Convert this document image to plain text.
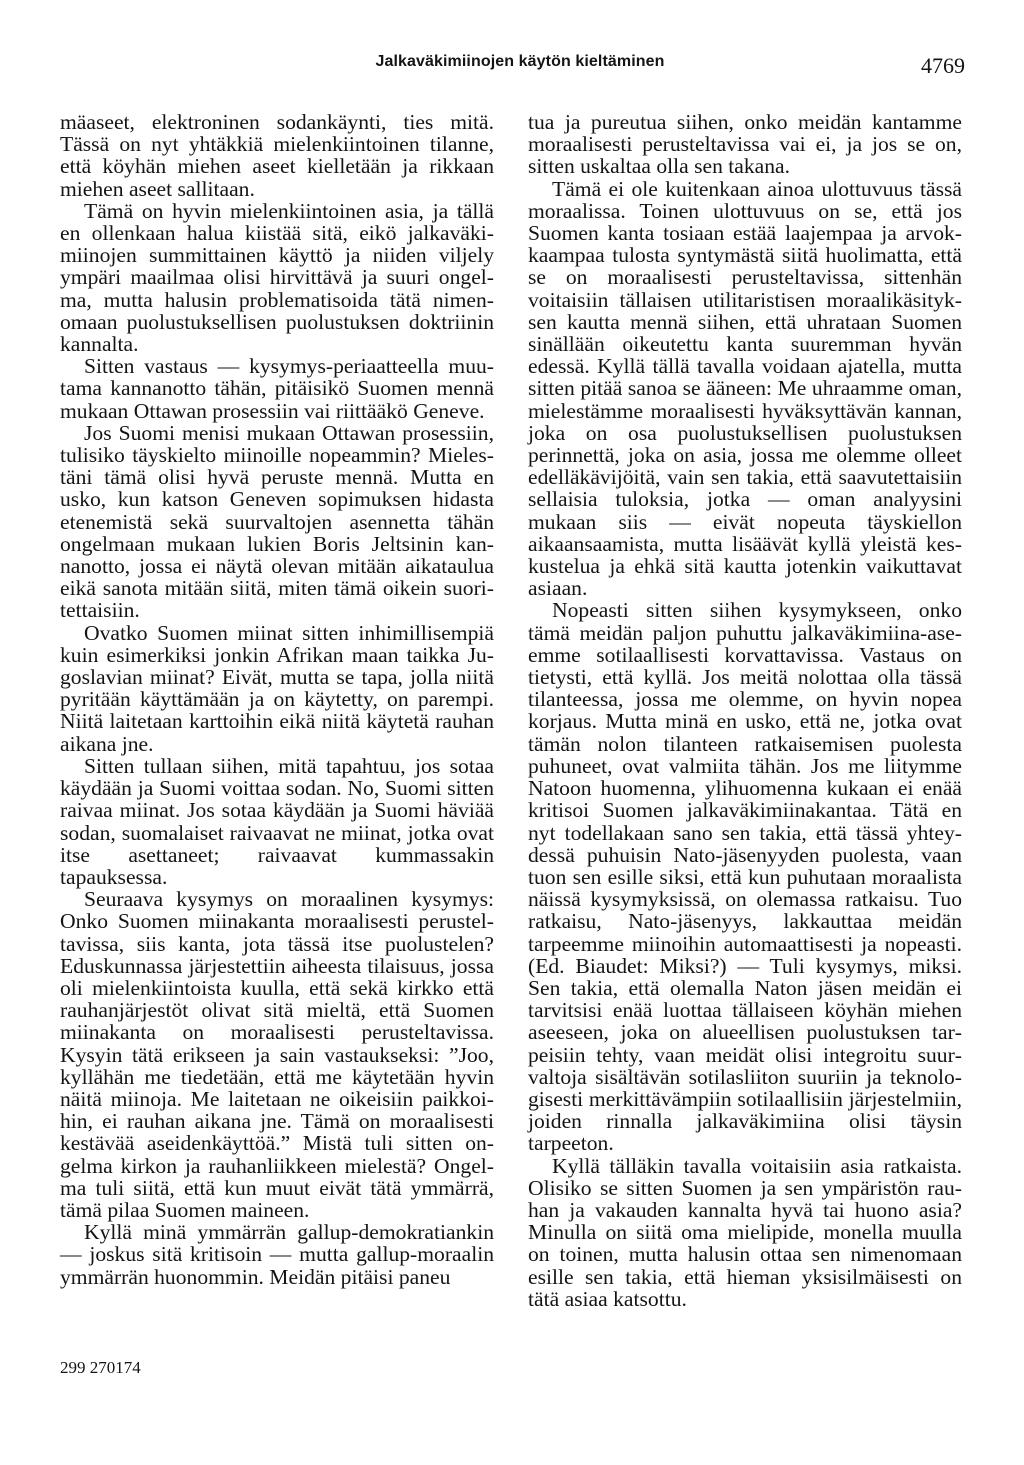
Jalkaväkimiinojen käytön kieltäminen	4769

mäaseet, elektroninen sodankäynti, ties mitä. Tässä on nyt yhtäkkiä mielenkiintoinen tilanne, että köyhän miehen aseet kielletään ja rikkaan miehen aseet sallitaan.

Tämä on hyvin mielenkiintoinen asia, ja tällä en ollenkaan halua kiistää sitä, eikö jalkaväkimiinojen summittainen käyttö ja niiden viljely ympäri maailmaa olisi hirvittävä ja suuri ongelma, mutta halusin problematisoida tätä nimenomaan puolustuksellisen puolustuksen doktriinin kannalta.

Sitten vastaus — kysymys-periaatteella muutama kannanotto tähän, pitäisikö Suomen mennä mukaan Ottawan prosessiin vai riittääkö Geneve.

Jos Suomi menisi mukaan Ottawan prosessiin, tulisiko täyskielto miinoille nopeammin? Mielestäni tämä olisi hyvä peruste mennä. Mutta en usko, kun katson Geneven sopimuksen hidasta etenemistä sekä suurvaltojen asennetta tähän ongelmaan mukaan lukien Boris Jeltsinin kannanotto, jossa ei näytä olevan mitään aikataulua eikä sanota mitään siitä, miten tämä oikein suoritettaisiin.

Ovatko Suomen miinat sitten inhimillisempiä kuin esimerkiksi jonkin Afrikan maan taikka Jugoslavian miinat? Eivät, mutta se tapa, jolla niitä pyritään käyttämään ja on käytetty, on parempi. Niitä laitetaan karttoihin eikä niitä käytetä rauhan aikana jne.

Sitten tullaan siihen, mitä tapahtuu, jos sotaa käydään ja Suomi voittaa sodan. No, Suomi sitten raivaa miinat. Jos sotaa käydään ja Suomi häviää sodan, suomalaiset raivaavat ne miinat, jotka ovat itse asettaneet; raivaavat kummassakin tapauksessa.

Seuraava kysymys on moraalinen kysymys: Onko Suomen miinakanta moraalisesti perusteltavissa, siis kanta, jota tässä itse puolustelen? Eduskunnassa järjestettiin aiheesta tilaisuus, jossa oli mielenkiintoista kuulla, että sekä kirkko että rauhanjärjestöt olivat sitä mieltä, että Suomen miinakanta on moraalisesti perusteltavissa. Kysyin tätä erikseen ja sain vastaukseksi: ”Joo, kyllähän me tiedetään, että me käytetään hyvin näitä miinoja. Me laitetaan ne oikeisiin paikkoihin, ei rauhan aikana jne. Tämä on moraalisesti kestävää aseidenkäyttöä.” Mistä tuli sitten ongelma kirkon ja rauhanliikkeen mielestä? Ongelma tuli siitä, että kun muut eivät tätä ymmärrä, tämä pilaa Suomen maineen.

Kyllä minä ymmärrän gallup-demokratiankin — joskus sitä kritisoin — mutta gallup-moraalin ymmärrän huonommin. Meidän pitäisi paneu

tua ja pureutua siihen, onko meidän kantamme moraalisesti perusteltavissa vai ei, ja jos se on, sitten uskaltaa olla sen takana.

Tämä ei ole kuitenkaan ainoa ulottuvuus tässä moraalissa. Toinen ulottuvuus on se, että jos Suomen kanta tosiaan estää laajempaa ja arvokkaampaa tulosta syntymästä siitä huolimatta, että se on moraalisesti perusteltavissa, sittenhän voitaisiin tällaisen utilitaristisen moraalikäsityksen kautta mennä siihen, että uhrataan Suomen sinällään oikeutettu kanta suuremman hyvän edessä. Kyllä tällä tavalla voidaan ajatella, mutta sitten pitää sanoa se ääneen: Me uhraamme oman, mielestämme moraalisesti hyväksyttävän kannan, joka on osa puolustuksellisen puolustuksen perinnettä, joka on asia, jossa me olemme olleet edelläkävijöitä, vain sen takia, että saavutettaisiin sellaisia tuloksia, jotka — oman analyysini mukaan siis — eivät nopeuta täyskiellon aikaansaamista, mutta lisäävät kyllä yleistä keskustelua ja ehkä sitä kautta jotenkin vaikuttavat asiaan.

Nopeasti sitten siihen kysymykseen, onko tämä meidän paljon puhuttu jalkaväkimiina-aseemme sotilaallisesti korvattavissa. Vastaus on tietysti, että kyllä. Jos meitä nolottaa olla tässä tilanteessa, jossa me olemme, on hyvin nopea korjaus. Mutta minä en usko, että ne, jotka ovat tämän nolon tilanteen ratkaisemisen puolesta puhuneet, ovat valmiita tähän. Jos me liitymme Natoon huomenna, ylihuomenna kukaan ei enää kritisoi Suomen jalkaväkimiinakantaa. Tätä en nyt todellakaan sano sen takia, että tässä yhteydessä puhuisin Nato-jäsenyyden puolesta, vaan tuon sen esille siksi, että kun puhutaan moraalista näissä kysymyksissä, on olemassa ratkaisu. Tuo ratkaisu, Nato-jäsenyys, lakkauttaa meidän tarpeemme miinoihin automaattisesti ja nopeasti. (Ed. Biaudet: Miksi?) — Tuli kysymys, miksi. Sen takia, että olemalla Naton jäsen meidän ei tarvitsisi enää luottaa tällaiseen köyhän miehen aseeseen, joka on alueellisen puolustuksen tarpeisiin tehty, vaan meidät olisi integroitu suurvaltoja sisältävän sotilasliiton suuriin ja teknologisesti merkittävämpiin sotilaallisiin järjestelmiin, joiden rinnalla jalkaväkimiina olisi täysin tarpeeton.

Kyllä tälläkin tavalla voitaisiin asia ratkaista. Olisiko se sitten Suomen ja sen ympäristön rauhan ja vakauden kannalta hyvä tai huono asia? Minulla on siitä oma mielipide, monella muulla on toinen, mutta halusin ottaa sen nimenomaan esille sen takia, että hieman yksisilmäisesti on tätä asiaa katsottu.

299 270174
